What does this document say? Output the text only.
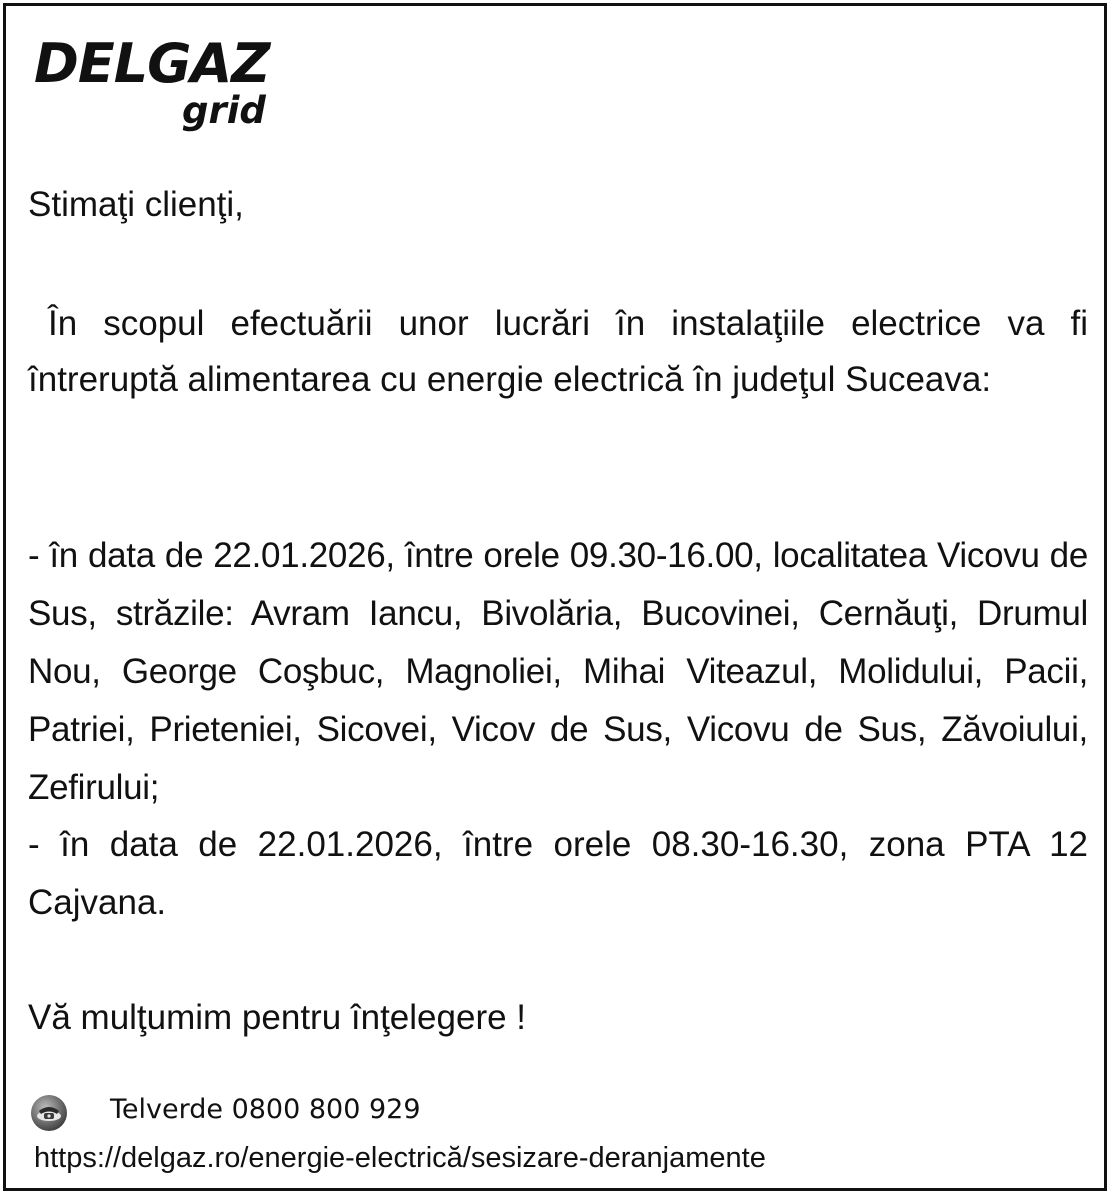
DELGAZ
grid

Stimaţi clienţi,

În scopul efectuării unor lucrări în instalaţiile electrice va fi întreruptă alimentarea cu energie electrică în judeţul Suceava:

- în data de 22.01.2026, între orele 09.30-16.00, localitatea Vicovu de Sus, străzile: Avram Iancu, Bivolăria, Bucovinei, Cernăuţi, Drumul Nou, George Coşbuc, Magnoliei, Mihai Viteazul, Molidului, Pacii, Patriei, Prieteniei, Sicovei, Vicov de Sus, Vicovu de Sus, Zăvoiului, Zefirului;

- în data de 22.01.2026, între orele 08.30-16.30, zona PTA 12 Cajvana.

Vă mulţumim pentru înţelegere !

Telverde 0800 800 929
https://delgaz.ro/energie-electrică/sesizare-deranjamente
